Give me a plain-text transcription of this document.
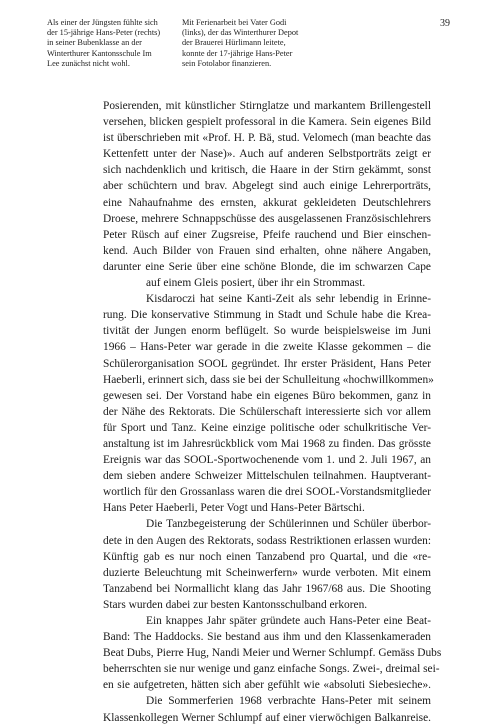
Als einer der Jüngsten fühlte sich
der 15-jährige Hans-Peter (rechts)
in seiner Bubenklasse an der
Winterthurer Kantonsschule Im
Lee zunächst nicht wohl.
Mit Ferienarbeit bei Vater Godi
(links), der das Winterthurer Depot
der Brauerei Hürlimann leitete,
konnte der 17-jährige Hans-Peter
sein Fotolabor finanzieren.
39
Posierenden, mit künstlicher Stirnglatze und markantem Brillengestell
versehen, blicken gespielt professoral in die Kamera. Sein eigenes Bild
ist überschrieben mit «Prof. H. P. Bä, stud. Velomech (man beachte das
Kettenfett unter der Nase)». Auch auf anderen Selbstporträts zeigt er
sich nachdenklich und kritisch, die Haare in der Stirn gekämmt, sonst
aber schüchtern und brav. Abgelegt sind auch einige Lehrerporträts,
eine Nahaufnahme des ernsten, akkurat gekleideten Deutschlehrers
Droese, mehrere Schnappschüsse des ausgelassenen Französischlehrers
Peter Rüsch auf einer Zugsreise, Pfeife rauchend und Bier einschen-
kend. Auch Bilder von Frauen sind erhalten, ohne nähere Angaben,
darunter eine Serie über eine schöne Blonde, die im schwarzen Cape
auf einem Gleis posiert, über ihr ein Strommast.
Kisdaroczi hat seine Kanti-Zeit als sehr lebendig in Erinne-
rung. Die konservative Stimmung in Stadt und Schule habe die Krea-
tivität der Jungen enorm beflügelt. So wurde beispielsweise im Juni
1966 – Hans-Peter war gerade in die zweite Klasse gekommen – die
Schülerorganisation SOOL gegründet. Ihr erster Präsident, Hans Peter
Haeberli, erinnert sich, dass sie bei der Schulleitung «hochwillkommen»
gewesen sei. Der Vorstand habe ein eigenes Büro bekommen, ganz in
der Nähe des Rektorats. Die Schülerschaft interessierte sich vor allem
für Sport und Tanz. Keine einzige politische oder schulkritische Ver-
anstaltung ist im Jahresrückblick vom Mai 1968 zu finden. Das grösste
Ereignis war das SOOL-Sportwochenende vom 1. und 2. Juli 1967, an
dem sieben andere Schweizer Mittelschulen teilnahmen. Hauptverant-
wortlich für den Grossanlass waren die drei SOOL-Vorstandsmitglieder
Hans Peter Haeberli, Peter Vogt und Hans-Peter Bärtschi.
Die Tanzbegeisterung der Schülerinnen und Schüler überbor-
dete in den Augen des Rektorats, sodass Restriktionen erlassen wurden:
Künftig gab es nur noch einen Tanzabend pro Quartal, und die «re-
duzierte Beleuchtung mit Scheinwerfern» wurde verboten. Mit einem
Tanzabend bei Normallicht klang das Jahr 1967/68 aus. Die Shooting
Stars wurden dabei zur besten Kantonsschulband erkoren.
Ein knappes Jahr später gründete auch Hans-Peter eine Beat-
Band: The Haddocks. Sie bestand aus ihm und den Klassenkameraden
Beat Dubs, Pierre Hug, Nandi Meier und Werner Schlumpf. Gemäss Dubs
beherrschten sie nur wenige und ganz einfache Songs. Zwei-, dreimal sei-
en sie aufgetreten, hätten sich aber gefühlt wie «absoluti Siebesieche».
Die Sommerferien 1968 verbrachte Hans-Peter mit seinem
Klassenkollegen Werner Schlumpf auf einer vierwöchigen Balkanreise.
